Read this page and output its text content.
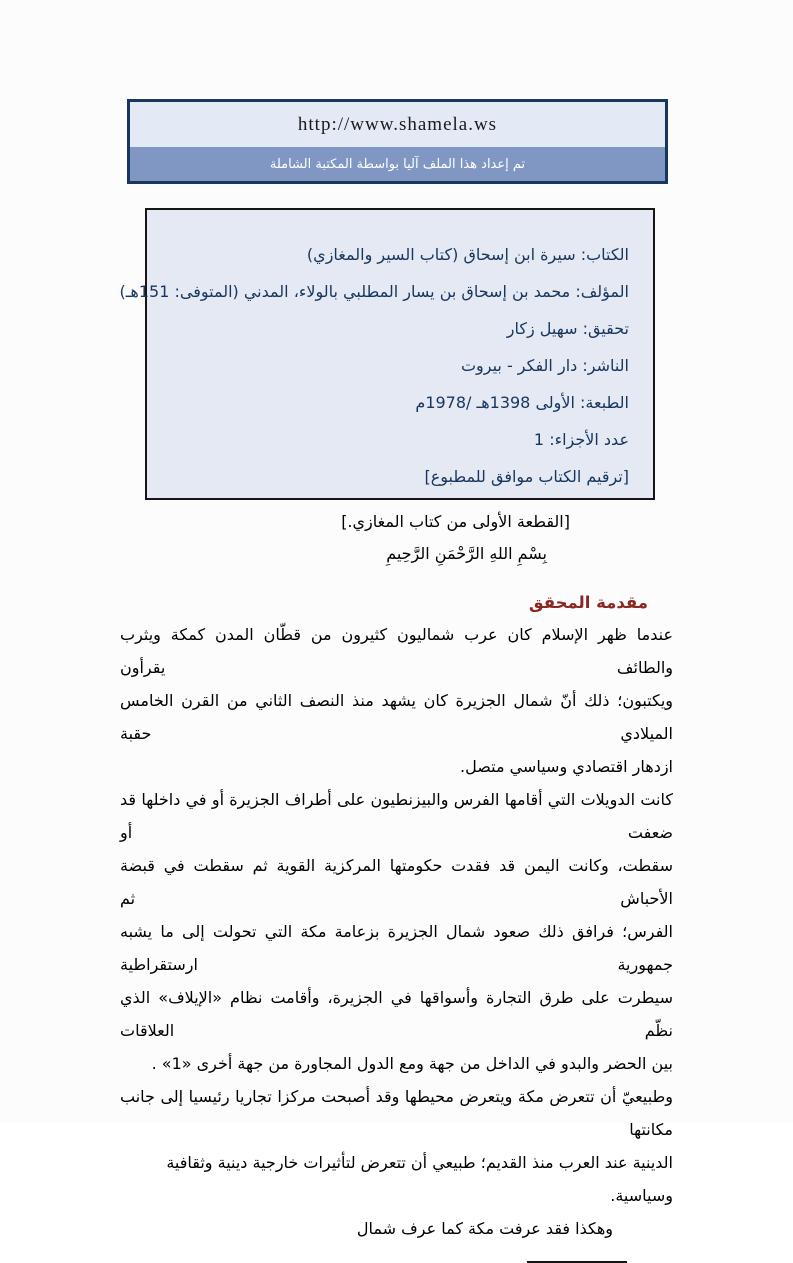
http://www.shamela.ws
تم إعداد هذا الملف آليا بواسطة المكتبة الشاملة
الكتاب: سيرة ابن إسحاق (كتاب السير والمغازي)
المؤلف: محمد بن إسحاق بن يسار المطلبي بالولاء، المدني (المتوفى: 151هـ)
تحقيق: سهيل زكار
الناشر: دار الفكر - بيروت
الطبعة: الأولى 1398هـ /1978م
عدد الأجزاء: 1
[ترقيم الكتاب موافق للمطبوع]
[القطعة الأولى من كتاب المغازي.]
بِسْمِ اللهِ الرَّحْمَنِ الرَّحِيمِ
مقدمة المحقق
عندما ظهر الإسلام كان عرب شماليون كثيرون من قطّان المدن كمكة ويثرب والطائف يقرأون
ويكتبون؛ ذلك أنّ شمال الجزيرة كان يشهد منذ النصف الثاني من القرن الخامس الميلادي حقبة
ازدهار اقتصادي وسياسي متصل.
كانت الدويلات التي أقامها الفرس والبيزنطيون على أطراف الجزيرة أو في داخلها قد ضعفت أو
سقطت، وكانت اليمن قد فقدت حكومتها المركزية القوية ثم سقطت في قبضة الأحباش ثم
الفرس؛ فرافق ذلك صعود شمال الجزيرة بزعامة مكة التي تحولت إلى ما يشبه جمهورية ارستقراطية
سيطرت على طرق التجارة وأسواقها في الجزيرة، وأقامت نظام «الإيلاف» الذي نظّم العلاقات
بين الحضر والبدو في الداخل من جهة ومع الدول المجاورة من جهة أخرى «1» .
وطبيعيّ أن تتعرض مكة ويتعرض محيطها وقد أصبحت مركزا تجاريا رئيسيا إلى جانب مكانتها
الدينية عند العرب منذ القديم؛ طبيعي أن تتعرض لتأثيرات خارجية دينية وثقافية وسياسية.
وهكذا فقد عرفت مكة كما عرف شمال
